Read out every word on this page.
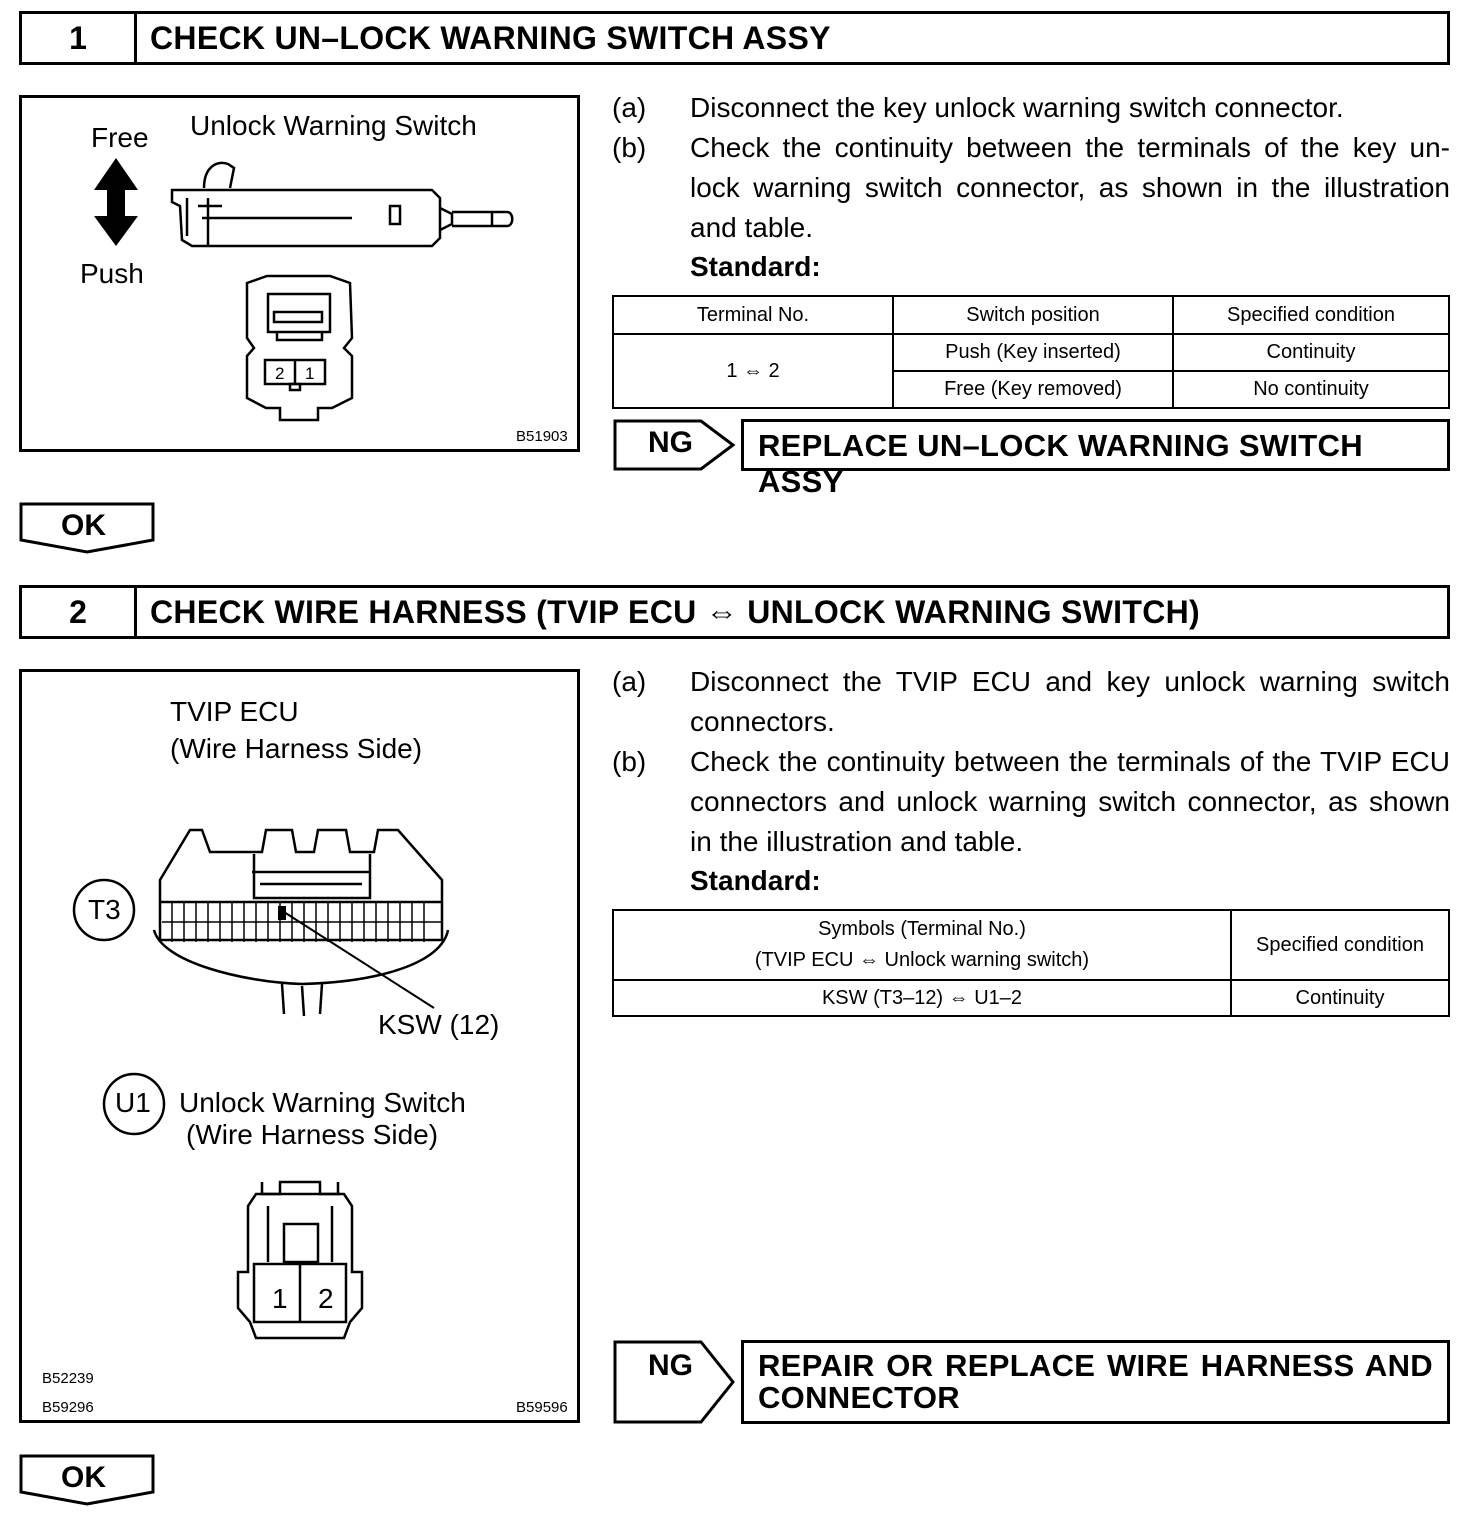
1	CHECK UN–LOCK WARNING SWITCH ASSY
Free Unlock Warning Switch
Push
2 1
B51903
(a) Disconnect the key unlock warning switch connector.
(b) Check the continuity between the terminals of the key un-lock warning switch connector, as shown in the illustration and table.
Standard:
Terminal No.	Switch position	Specified condition
1 ⇔ 2	Push (Key inserted)	Continuity
	Free (Key removed)	No continuity
NG	REPLACE UN–LOCK WARNING SWITCH ASSY
OK
2	CHECK WIRE HARNESS (TVIP ECU ⇔ UNLOCK WARNING SWITCH)
TVIP ECU
(Wire Harness Side)
1 2
T3
KSW (12)
U1 Unlock Warning Switch
(Wire Harness Side)
B52239
B59296	B59596
(a) Disconnect the TVIP ECU and key unlock warning switch connectors.
(b) Check the continuity between the terminals of the TVIP ECU connectors and unlock warning switch connector, as shown in the illustration and table.
Standard:
Symbols (Terminal No.)
(TVIP ECU ⇔ Unlock warning switch)	Specified condition
KSW (T3–12) ⇔ U1–2	Continuity
NG	REPAIR OR REPLACE WIRE HARNESS AND CONNECTOR
OK
